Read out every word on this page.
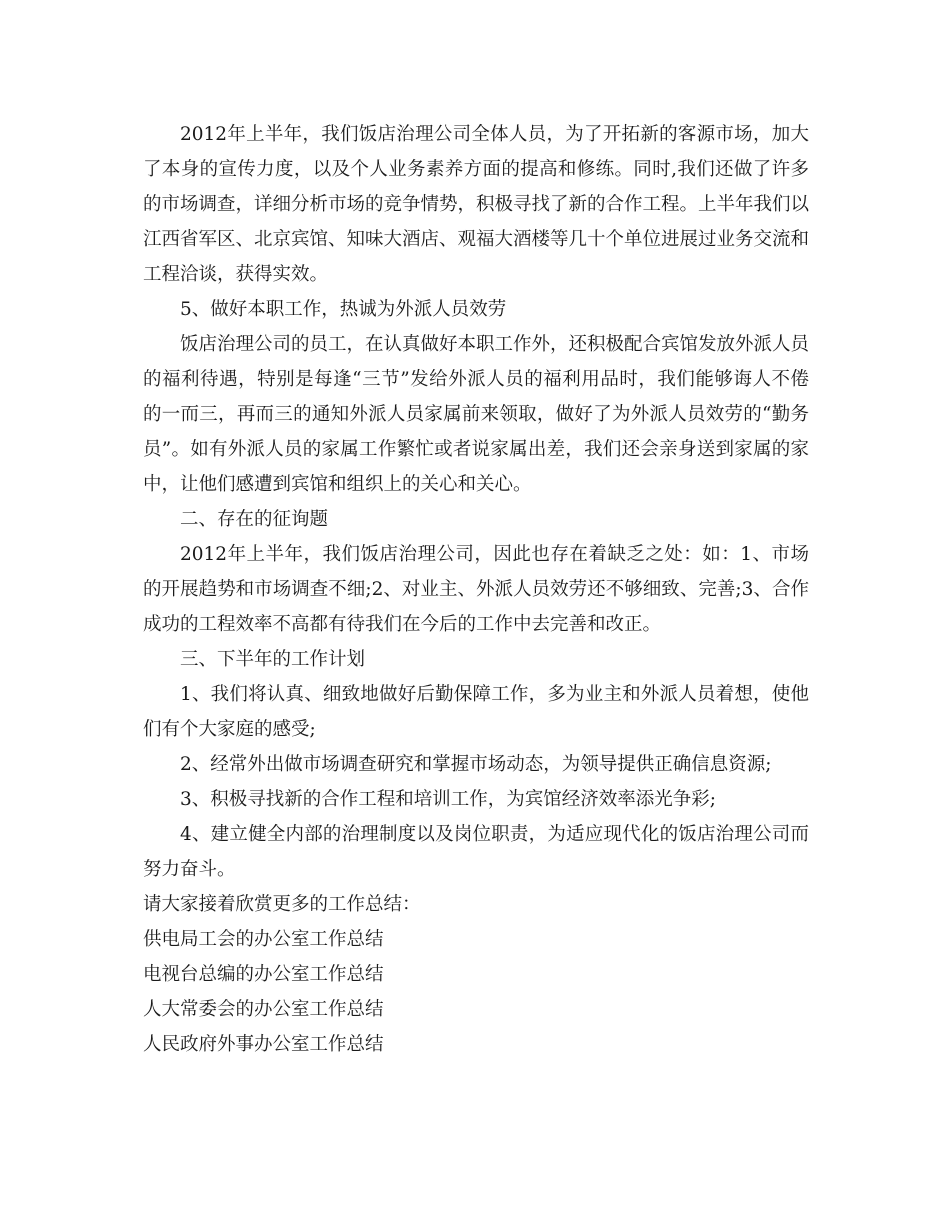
2012年上半年，我们饭店治理公司全体人员，为了开拓新的客源市场，加大了本身的宣传力度，以及个人业务素养方面的提高和修练。同时,我们还做了许多的市场调查，详细分析市场的竞争情势，积极寻找了新的合作工程。上半年我们以江西省军区、北京宾馆、知味大酒店、观福大酒楼等几十个单位进展过业务交流和工程洽谈，获得实效。

5、做好本职工作，热诚为外派人员效劳

饭店治理公司的员工，在认真做好本职工作外，还积极配合宾馆发放外派人员的福利待遇，特别是每逢“三节”发给外派人员的福利用品时，我们能够诲人不倦的一而三，再而三的通知外派人员家属前来领取，做好了为外派人员效劳的“勤务员”。如有外派人员的家属工作繁忙或者说家属出差，我们还会亲身送到家属的家中，让他们感遭到宾馆和组织上的关心和关心。

二、存在的征询题

2012年上半年，我们饭店治理公司，因此也存在着缺乏之处：如：1、市场的开展趋势和市场调查不细;2、对业主、外派人员效劳还不够细致、完善;3、合作成功的工程效率不高都有待我们在今后的工作中去完善和改正。

三、下半年的工作计划

1、我们将认真、细致地做好后勤保障工作，多为业主和外派人员着想，使他们有个大家庭的感受;

2、经常外出做市场调查研究和掌握市场动态，为领导提供正确信息资源;

3、积极寻找新的合作工程和培训工作，为宾馆经济效率添光争彩;

4、建立健全内部的治理制度以及岗位职责，为适应现代化的饭店治理公司而努力奋斗。

请大家接着欣赏更多的工作总结：

供电局工会的办公室工作总结

电视台总编的办公室工作总结

人大常委会的办公室工作总结

人民政府外事办公室工作总结
